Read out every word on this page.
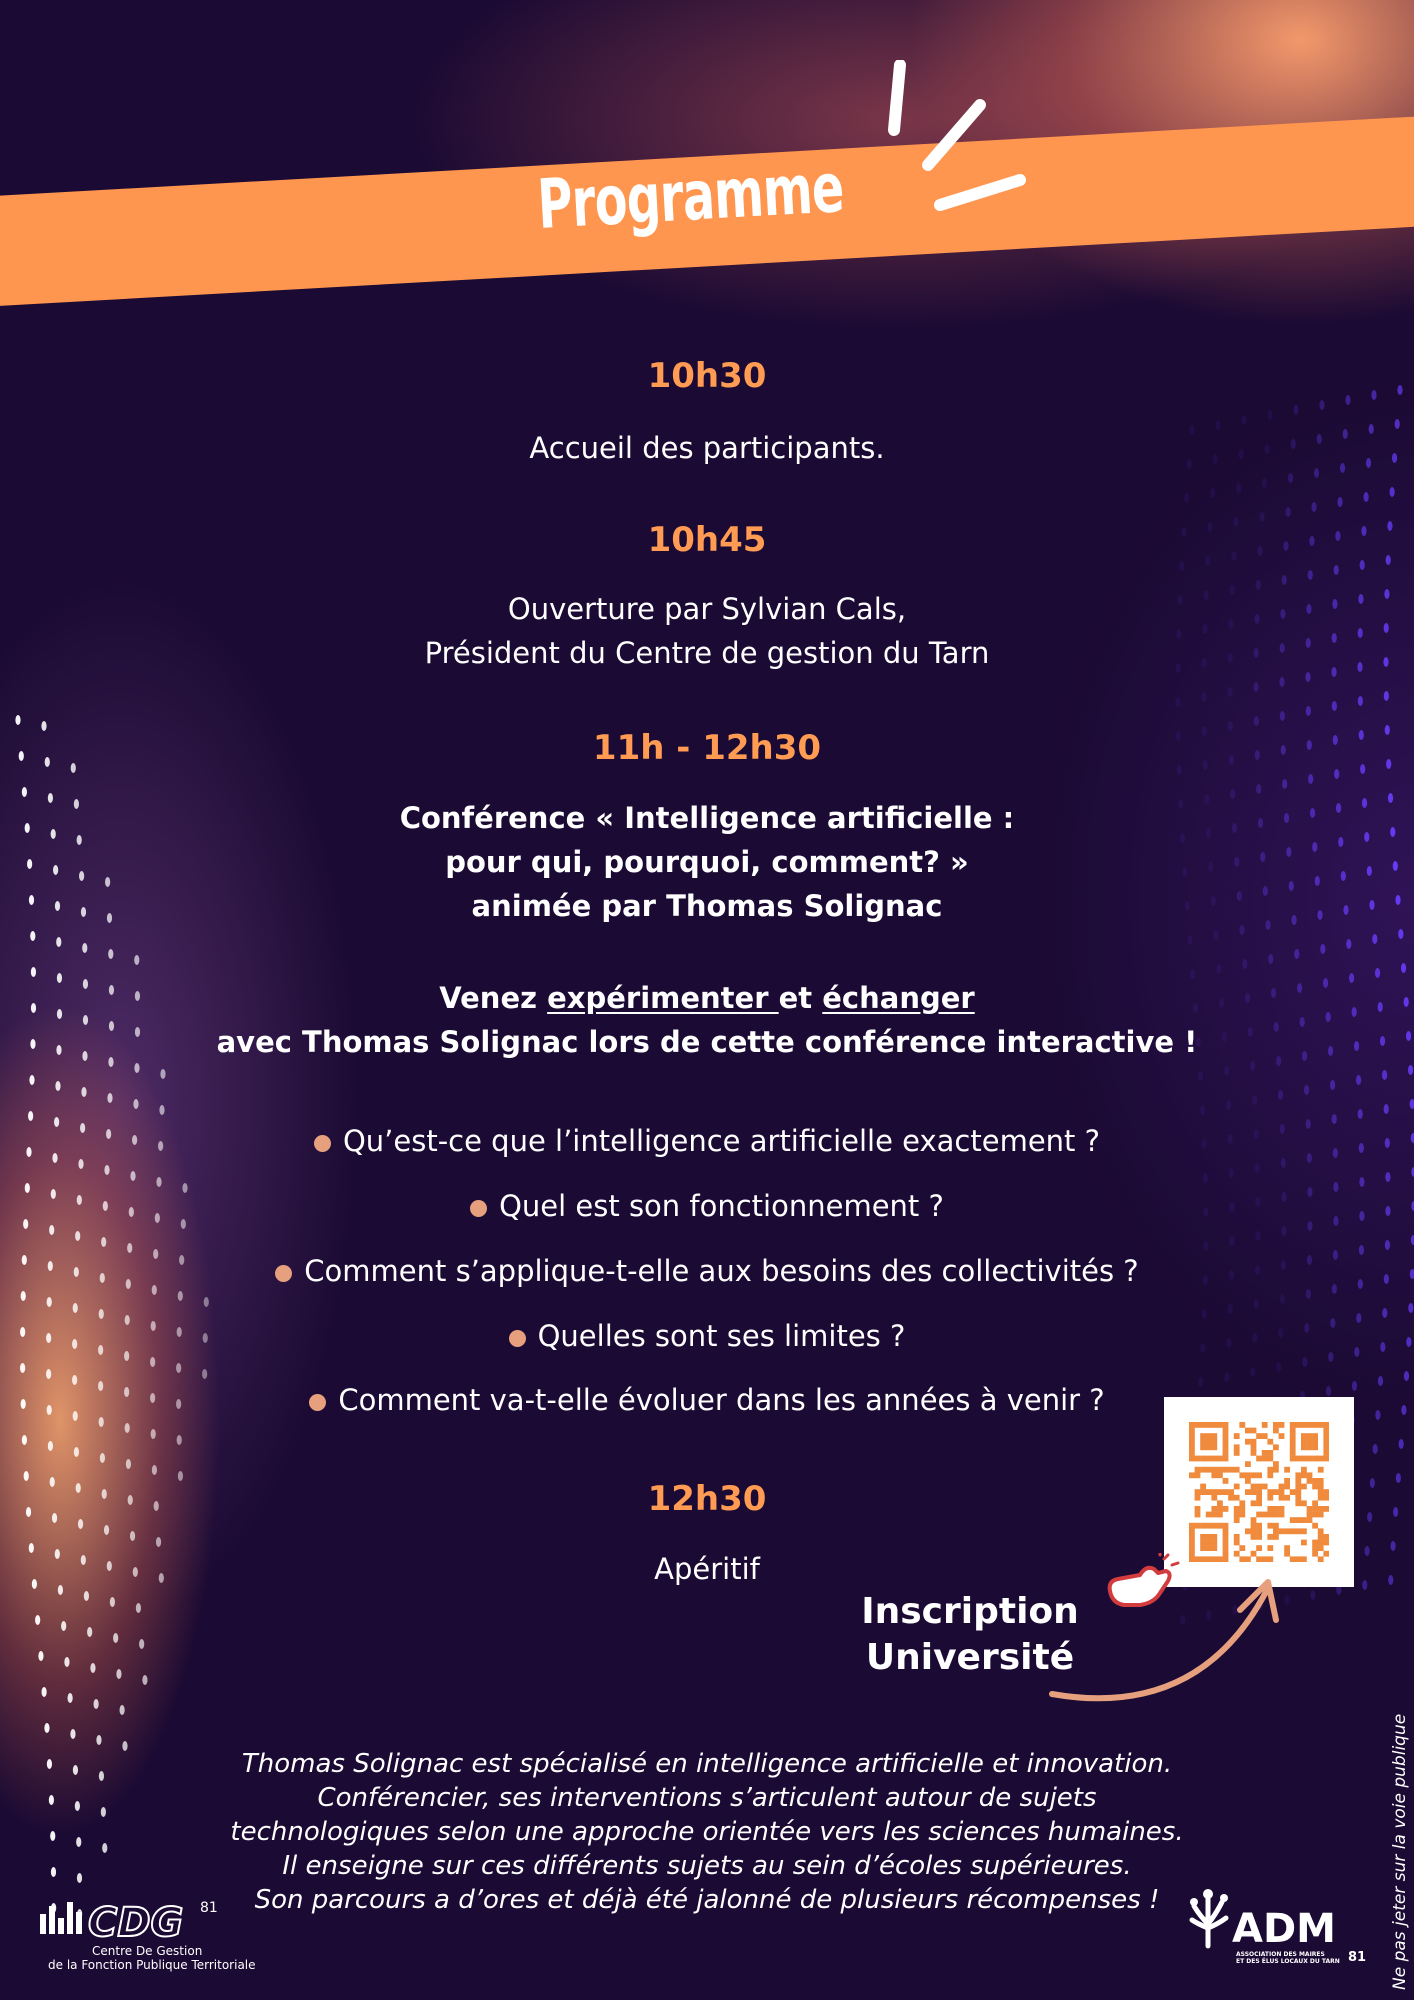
Programme
10h30
Accueil des participants.
10h45
Ouverture par Sylvian Cals,
Président du Centre de gestion du Tarn
11h - 12h30
Conférence « Intelligence artificielle :
pour qui, pourquoi, comment? »
animée par Thomas Solignac
Venez expérimenter et échanger
avec Thomas Solignac lors de cette conférence interactive !
Qu’est-ce que l’intelligence artificielle exactement ?
Quel est son fonctionnement ?
Comment s’applique-t-elle aux besoins des collectivités ?
Quelles sont ses limites ?
Comment va-t-elle évoluer dans les années à venir ?
12h30
Apéritif
Inscription
Université
Thomas Solignac est spécialisé en intelligence artificielle et innovation.
Conférencier, ses interventions s’articulent autour de sujets
technologiques selon une approche orientée vers les sciences humaines.
Il enseigne sur ces différents sujets au sein d’écoles supérieures.
Son parcours a d’ores et déjà été jalonné de plusieurs récompenses !
CDG 81
Centre De Gestion
de la Fonction Publique Territoriale
ADM
ASSOCIATION DES MAIRES
ET DES ÉLUS LOCAUX DU TARN 81 Ne pas jeter sur la voie publique
